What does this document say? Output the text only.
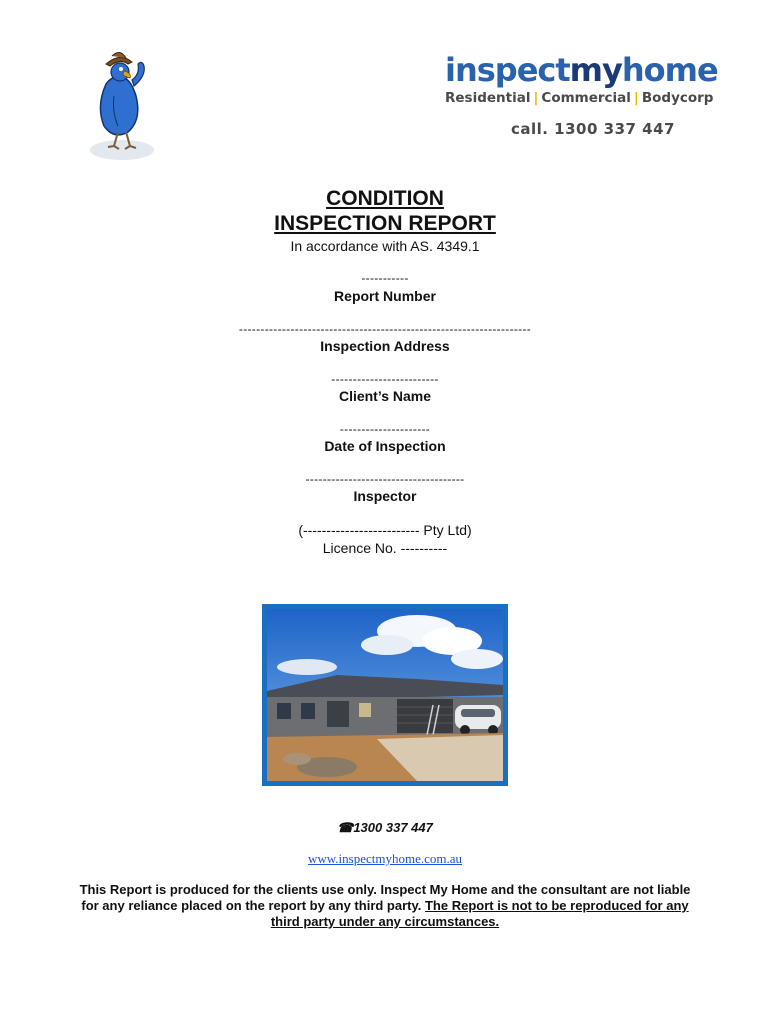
inspectmyhome
Residential | Commercial | Bodycorp
call. 1300 337 447
CONDITION
INSPECTION REPORT
In accordance with AS. 4349.1
-----------
Report Number
--------------------------------------------------------------------
Inspection Address
-------------------------
Client’s Name
---------------------
Date of Inspection
-------------------------------------
Inspector
(------------------------- Pty Ltd)
Licence No. ----------
☎1300 337 447
www.inspectmyhome.com.au
This Report is produced for the clients use only. Inspect My Home and the consultant are not liable for any reliance placed on the report by any third party. The Report is not to be reproduced for any third party under any circumstances.
